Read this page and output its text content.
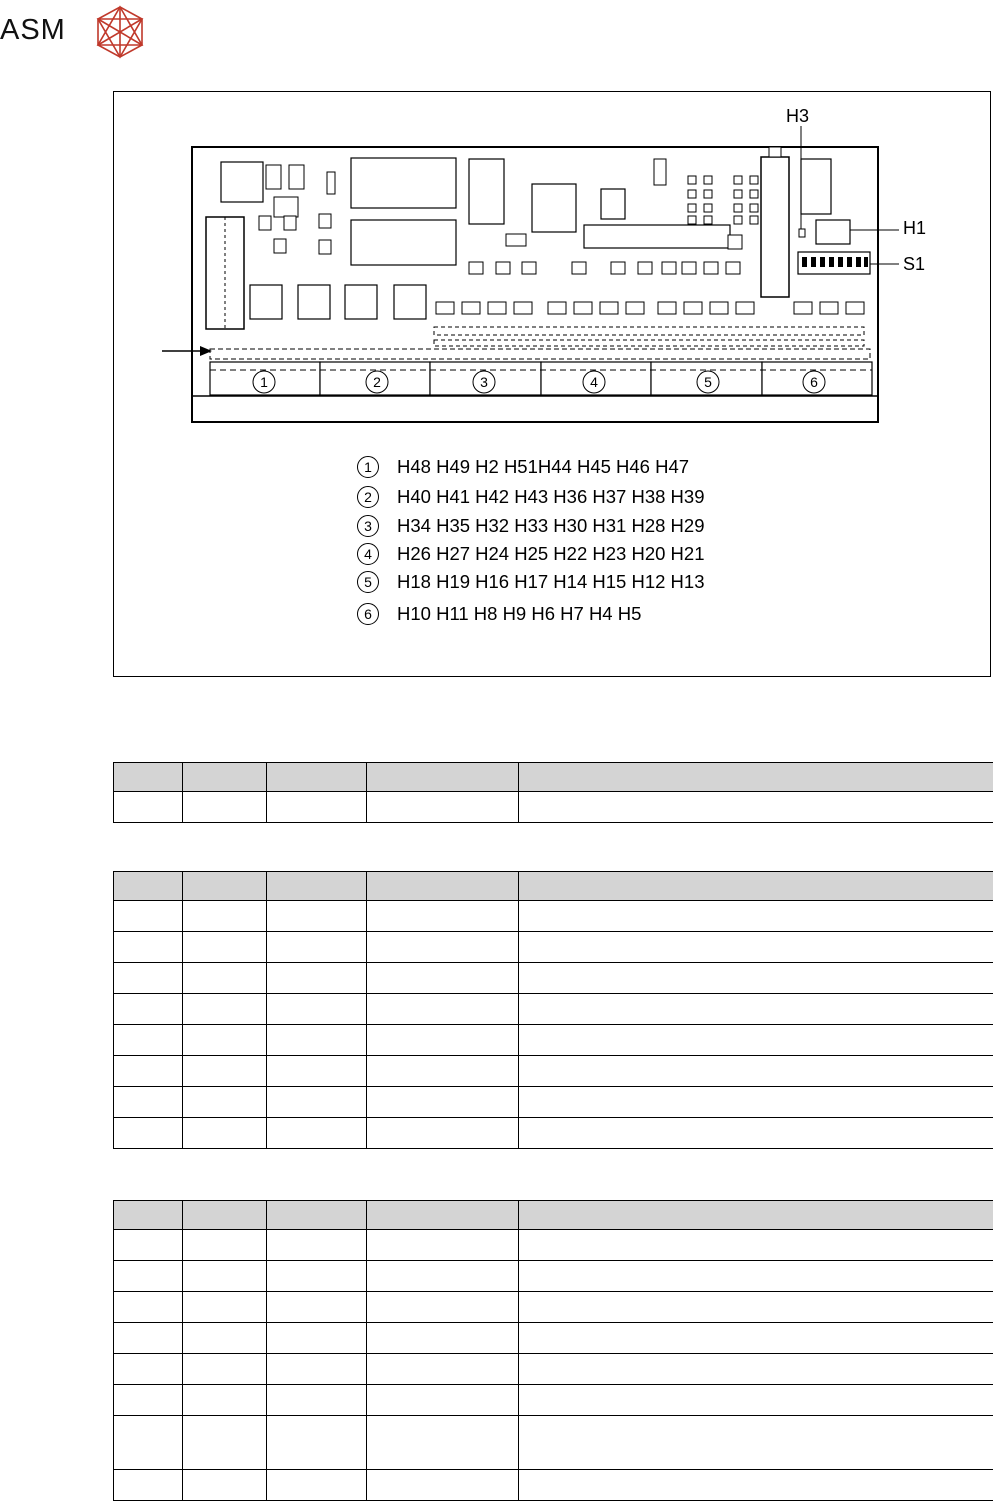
ASM
1	2	3	4	5	6
H3
H1
S1
1	H48 H49 H2 H51H44 H45 H46 H47
2	H40 H41 H42 H43 H36 H37 H38 H39
3	H34 H35 H32 H33 H30 H31 H28 H29
4	H26 H27 H24 H25 H22 H23 H20 H21
5	H18 H19 H16 H17 H14 H15 H12 H13
6	H10 H11 H8 H9 H6 H7 H4 H5
